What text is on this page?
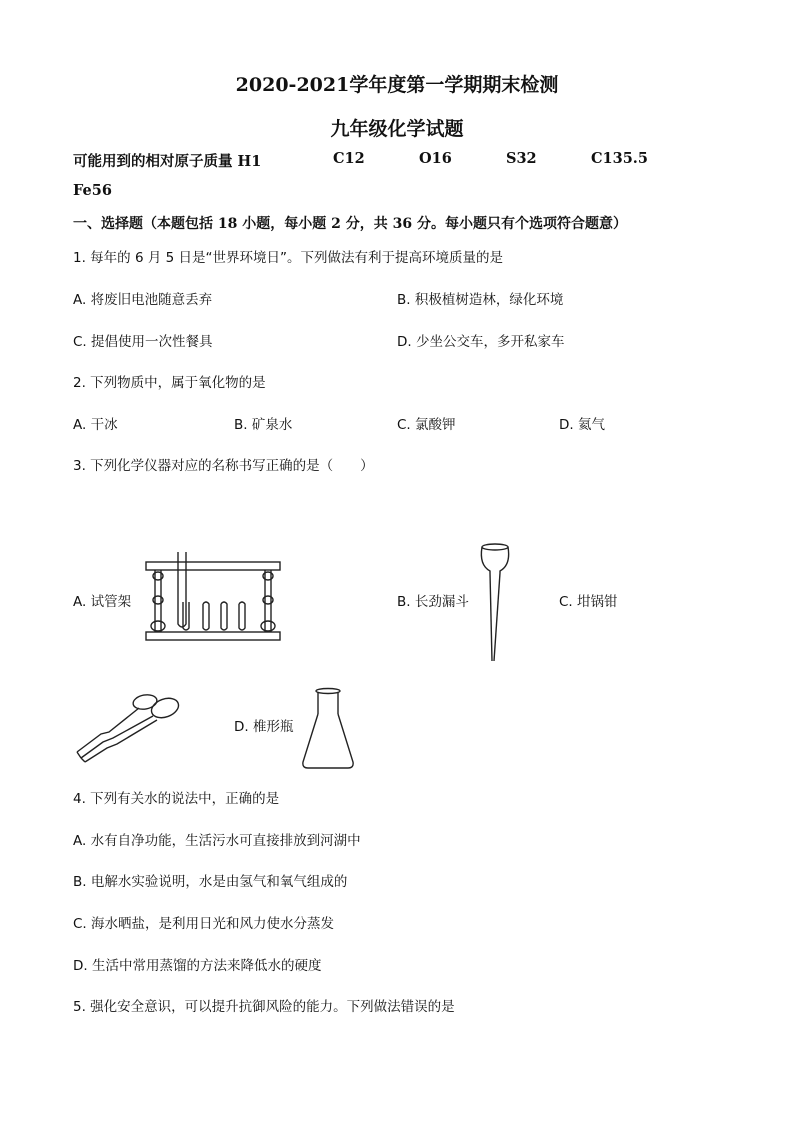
2020-2021学年度第一学期期末检测
九年级化学试题
可能用到的相对原子质量 H1	C12	O16	S32	C135.5
Fe56
一、选择题（本题包括 18 小题，每小题 2 分，共 36 分。每小题只有个选项符合题意）
1. 每年的 6 月 5 日是“世界环境日”。下列做法有利于提高环境质量的是
A. 将废旧电池随意丢弃	B. 积极植树造林，绿化环境
C. 提倡使用一次性餐具	D. 少坐公交车，多开私家车
2. 下列物质中，属于氧化物的是
A. 干冰	B. 矿泉水	C. 氯酸钾	D. 氦气
3. 下列化学仪器对应的名称书写正确的是（　　）
A. 试管架	B. 长劲漏斗	C. 坩锅钳
D. 椎形瓶
4. 下列有关水的说法中，正确的是
A. 水有自净功能，生活污水可直接排放到河湖中
B. 电解水实验说明，水是由氢气和氧气组成的
C. 海水晒盐，是利用日光和风力使水分蒸发
D. 生活中常用蒸馏的方法来降低水的硬度
5. 强化安全意识，可以提升抗御风险的能力。下列做法错误的是
